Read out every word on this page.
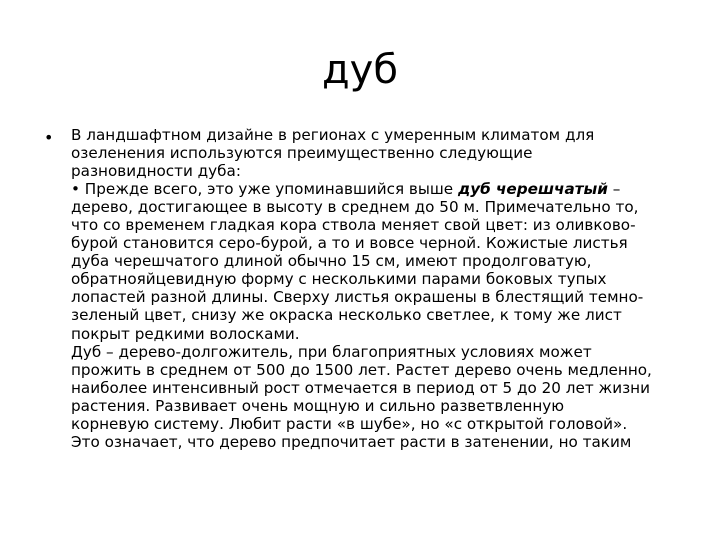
дуб
• В ландшафтном дизайне в регионах с умеренным климатом для
озеленения используются преимущественно следующие
разновидности дуба:
• Прежде всего, это уже упоминавшийся выше дуб черешчатый –
дерево, достигающее в высоту в среднем до 50 м. Примечательно то,
что со временем гладкая кора ствола меняет свой цвет: из оливково-
бурой становится серо-бурой, а то и вовсе черной. Кожистые листья
дуба черешчатого длиной обычно 15 см, имеют продолговатую,
обратнояйцевидную форму с несколькими парами боковых тупых
лопастей разной длины. Сверху листья окрашены в блестящий темно-
зеленый цвет, снизу же окраска несколько светлее, к тому же лист
покрыт редкими волосками.
Дуб – дерево-долгожитель, при благоприятных условиях может
прожить в среднем от 500 до 1500 лет. Растет дерево очень медленно,
наиболее интенсивный рост отмечается в период от 5 до 20 лет жизни
растения. Развивает очень мощную и сильно разветвленную
корневую систему. Любит расти «в шубе», но «с открытой головой».
Это означает, что дерево предпочитает расти в затенении, но таким
